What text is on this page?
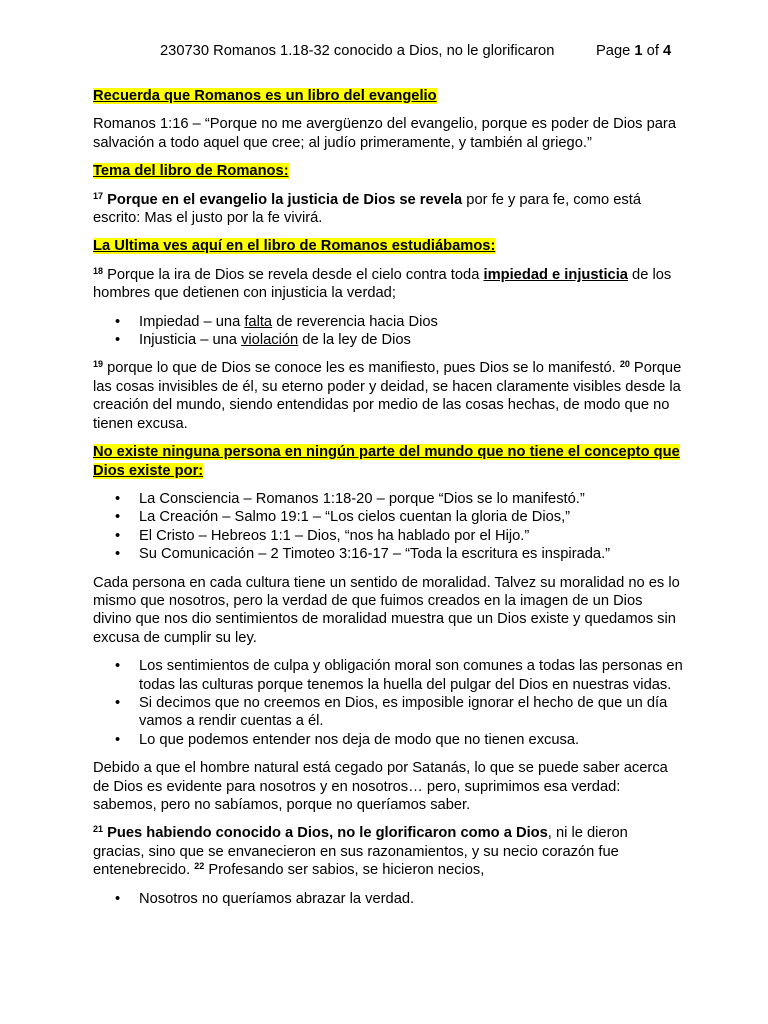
230730 Romanos 1.18-32 conocido a Dios, no le glorificaron	Page 1 of 4

Recuerda que Romanos es un libro del evangelio

Romanos 1:16 – “Porque no me avergüenzo del evangelio, porque es poder de Dios para salvación a todo aquel que cree; al judío primeramente, y también al griego.”

Tema del libro de Romanos:

$^{17}$ Porque en el evangelio la justicia de Dios se revela por fe y para fe, como está escrito: Mas el justo por la fe vivirá.

La Ultima ves aquí en el libro de Romanos estudiábamos:

$^{18}$ Porque la ira de Dios se revela desde el cielo contra toda impiedad e injusticia de los hombres que detienen con injusticia la verdad;

• Impiedad – una falta de reverencia hacia Dios
• Injusticia – una violación de la ley de Dios

$^{19}$ porque lo que de Dios se conoce les es manifiesto, pues Dios se lo manifestó. $^{20}$ Porque las cosas invisibles de él, su eterno poder y deidad, se hacen claramente visibles desde la creación del mundo, siendo entendidas por medio de las cosas hechas, de modo que no tienen excusa.

No existe ninguna persona en ningún parte del mundo que no tiene el concepto que Dios existe por:

• La Consciencia – Romanos 1:18-20 – porque “Dios se lo manifestó.”
• La Creación – Salmo 19:1 – “Los cielos cuentan la gloria de Dios,”
• El Cristo – Hebreos 1:1 – Dios, “nos ha hablado por el Hijo.”
• Su Comunicación – 2 Timoteo 3:16-17 – “Toda la escritura es inspirada.”

Cada persona en cada cultura tiene un sentido de moralidad. Talvez su moralidad no es lo mismo que nosotros, pero la verdad de que fuimos creados en la imagen de un Dios divino que nos dio sentimientos de moralidad muestra que un Dios existe y quedamos sin excusa de cumplir su ley.

• Los sentimientos de culpa y obligación moral son comunes a todas las personas en todas las culturas porque tenemos la huella del pulgar del Dios en nuestras vidas.
• Si decimos que no creemos en Dios, es imposible ignorar el hecho de que un día vamos a rendir cuentas a él.
• Lo que podemos entender nos deja de modo que no tienen excusa.

Debido a que el hombre natural está cegado por Satanás, lo que se puede saber acerca de Dios es evidente para nosotros y en nosotros… pero, suprimimos esa verdad: sabemos, pero no sabíamos, porque no queríamos saber.

$^{21}$ Pues habiendo conocido a Dios, no le glorificaron como a Dios, ni le dieron gracias, sino que se envanecieron en sus razonamientos, y su necio corazón fue entenebrecido. $^{22}$ Profesando ser sabios, se hicieron necios,

• Nosotros no queríamos abrazar la verdad.
